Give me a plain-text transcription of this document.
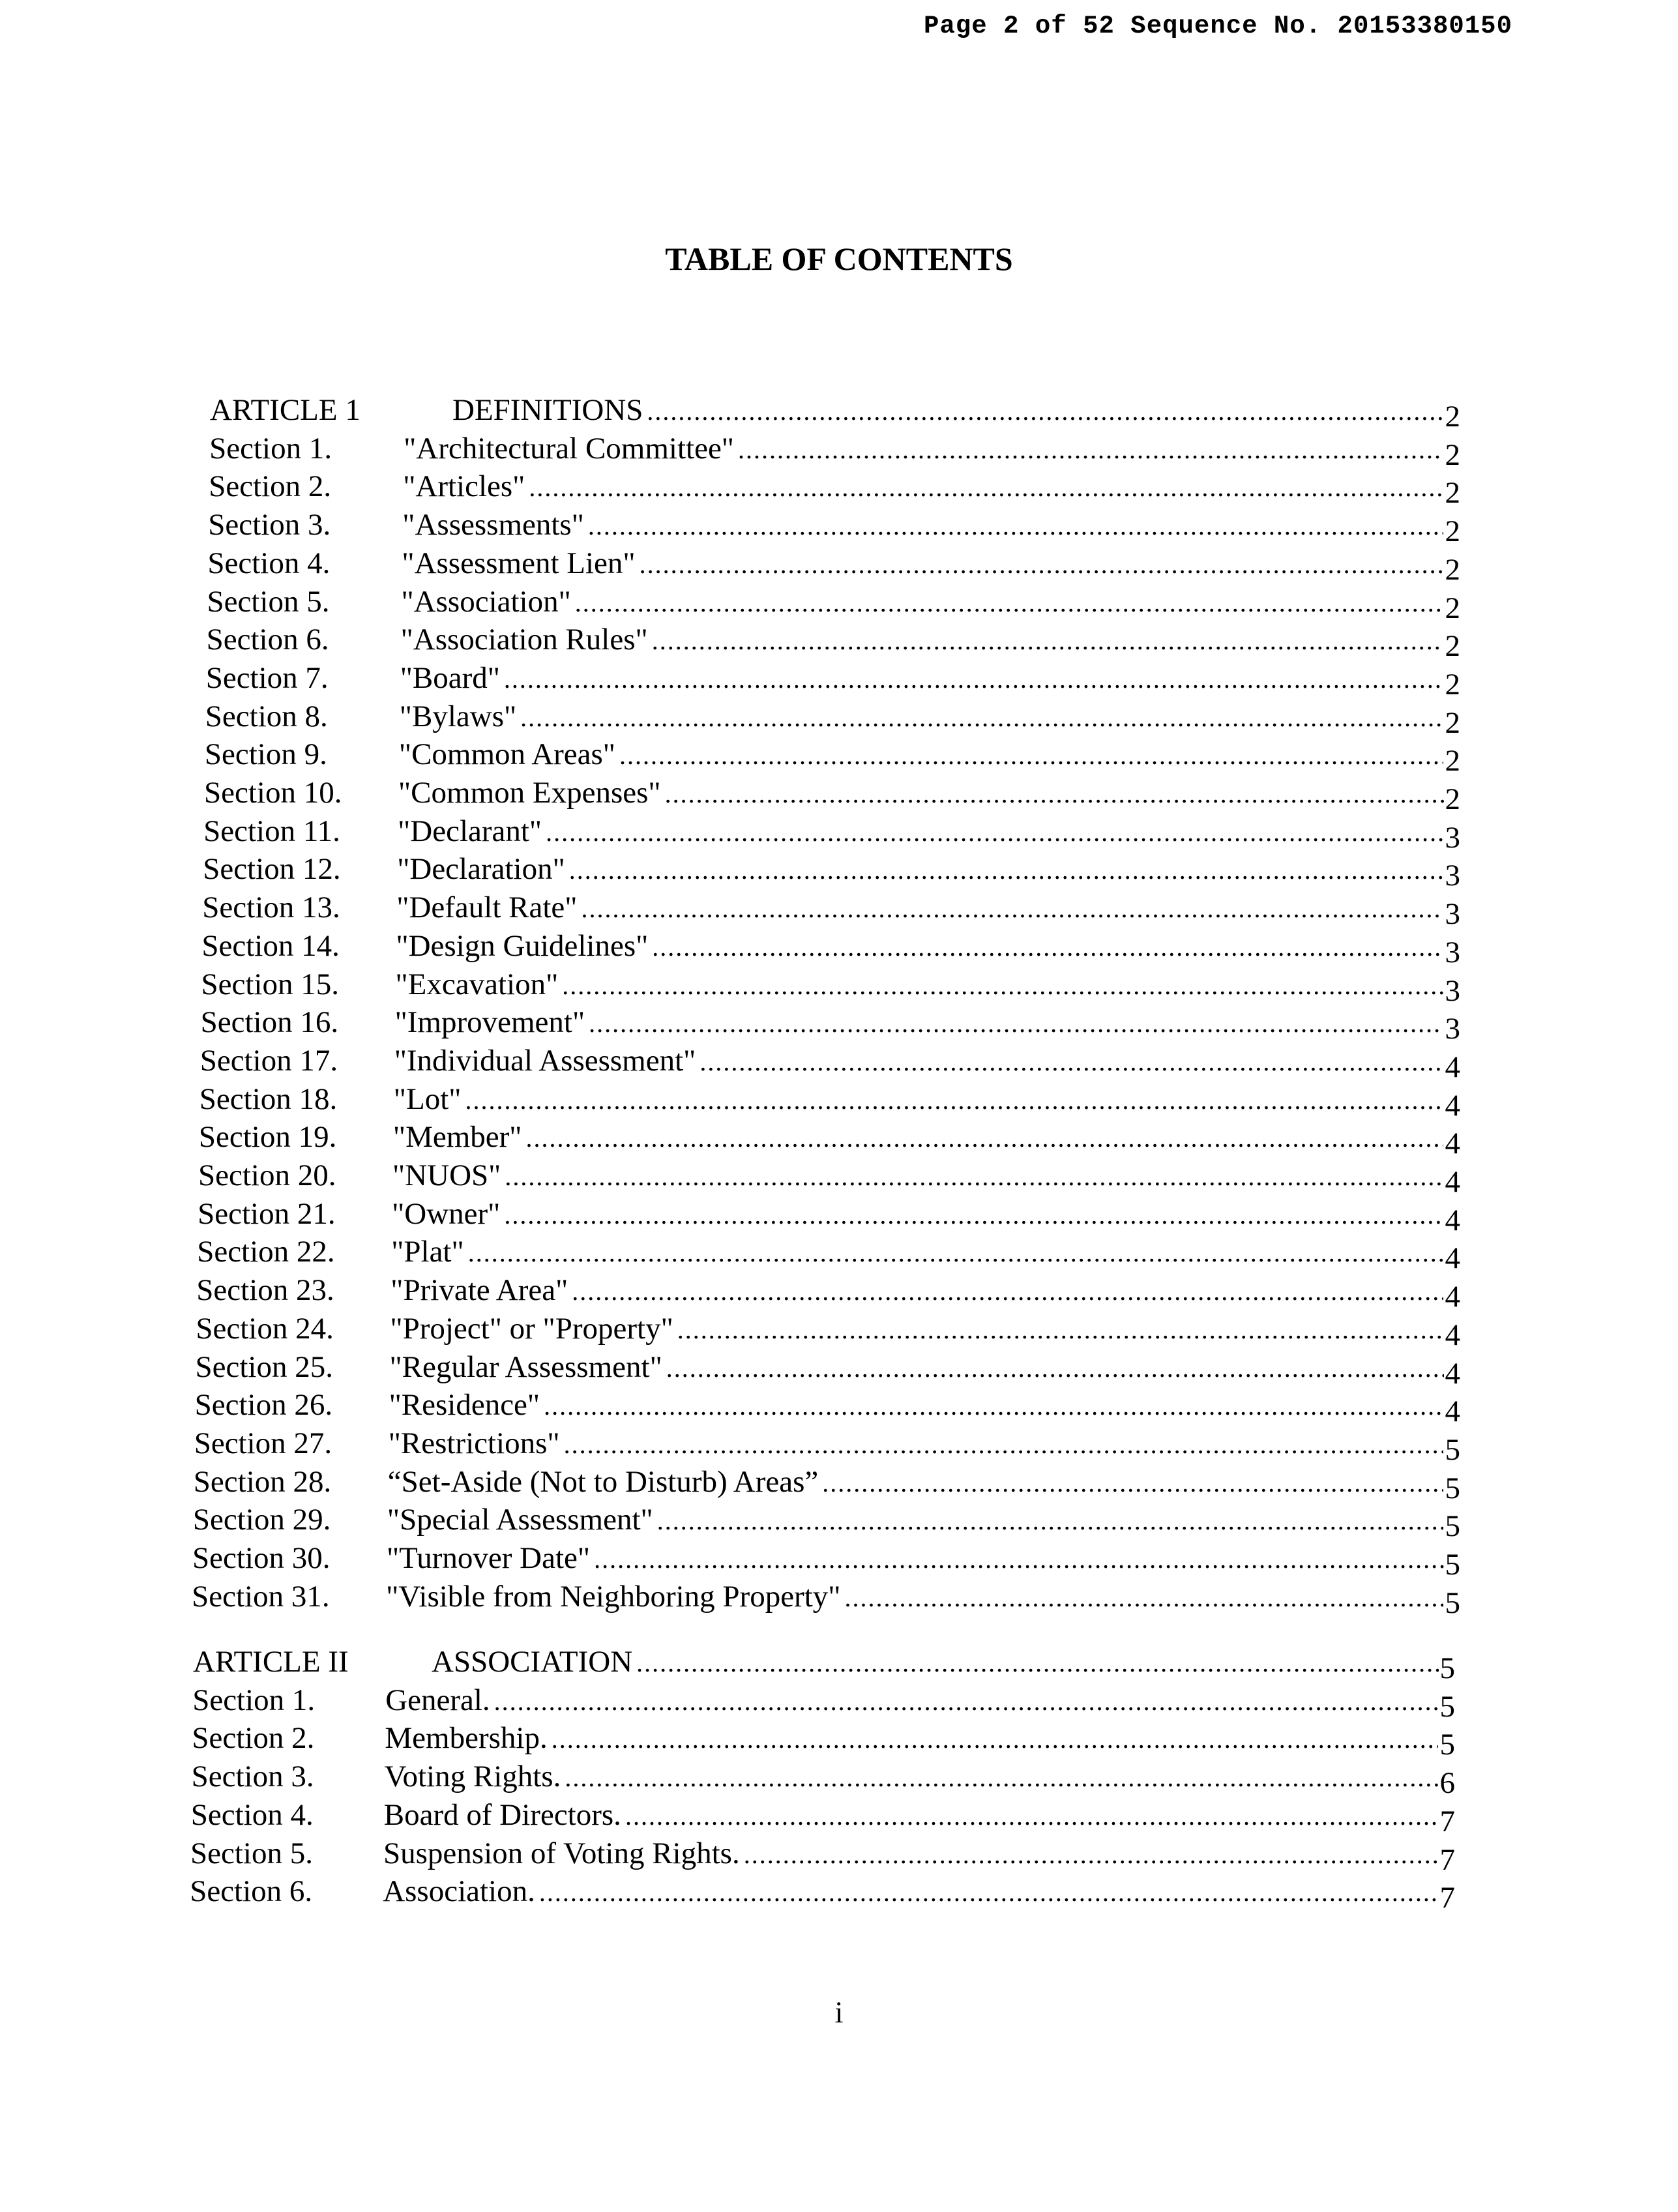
Page 2 of 52 Sequence No. 20153380150
TABLE OF CONTENTS
ARTICLE 1	DEFINITIONS .....	2
Section 1. "Architectural Committee" .....	2
Section 2. "Articles" .....	2
Section 3. "Assessments" .....	2
Section 4. "Assessment Lien" .....	2
Section 5. "Association" .....	2
Section 6. "Association Rules" .....	2
Section 7. "Board" .....	2
Section 8. "Bylaws" .....	2
Section 9. "Common Areas" .....	2
Section 10. "Common Expenses" .....	2
Section 11. "Declarant" .....	3
Section 12. "Declaration" .....	3
Section 13. "Default Rate" .....	3
Section 14. "Design Guidelines" .....	3
Section 15. "Excavation" .....	3
Section 16. "Improvement" .....	3
Section 17. "Individual Assessment" .....	4
Section 18. "Lot" .....	4
Section 19. "Member" .....	4
Section 20. "NUOS" .....	4
Section 21. "Owner" .....	4
Section 22. "Plat" .....	4
Section 23. "Private Area" .....	4
Section 24. "Project" or "Property" .....	4
Section 25. "Regular Assessment" .....	4
Section 26. "Residence" .....	4
Section 27. "Restrictions" .....	5
Section 28. “Set-Aside (Not to Disturb) Areas” .....	5
Section 29. "Special Assessment" .....	5
Section 30. "Turnover Date" .....	5
Section 31. "Visible from Neighboring Property" .....	5
ARTICLE II	ASSOCIATION .....	5
Section 1. General. .....	5
Section 2. Membership. .....	5
Section 3. Voting Rights. .....	6
Section 4. Board of Directors. .....	7
Section 5. Suspension of Voting Rights. .....	7
Section 6. Association. .....	7
i
